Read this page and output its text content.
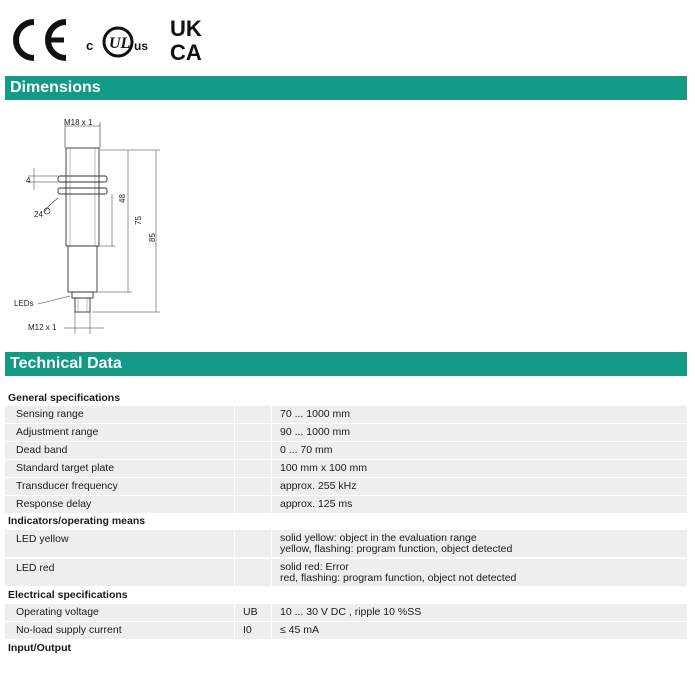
c UL us
UK
CA
Dimensions
M18 x 1
4
24
48
75
85
LEDs
M12 x 1
Technical Data
General specifications
Sensing range	70 ... 1000 mm
Adjustment range	90 ... 1000 mm
Dead band	0 ... 70 mm
Standard target plate	100 mm x 100 mm
Transducer frequency	approx. 255 kHz
Response delay	approx. 125 ms
Indicators/operating means
LED yellow	solid yellow: object in the evaluation range
yellow, flashing: program function, object detected
LED red	solid red: Error
red, flashing: program function, object not detected
Electrical specifications
Operating voltage	UB 10 ... 30 V DC , ripple 10 %SS
No-load supply current	I0	≤ 45 mA
Input/Output
